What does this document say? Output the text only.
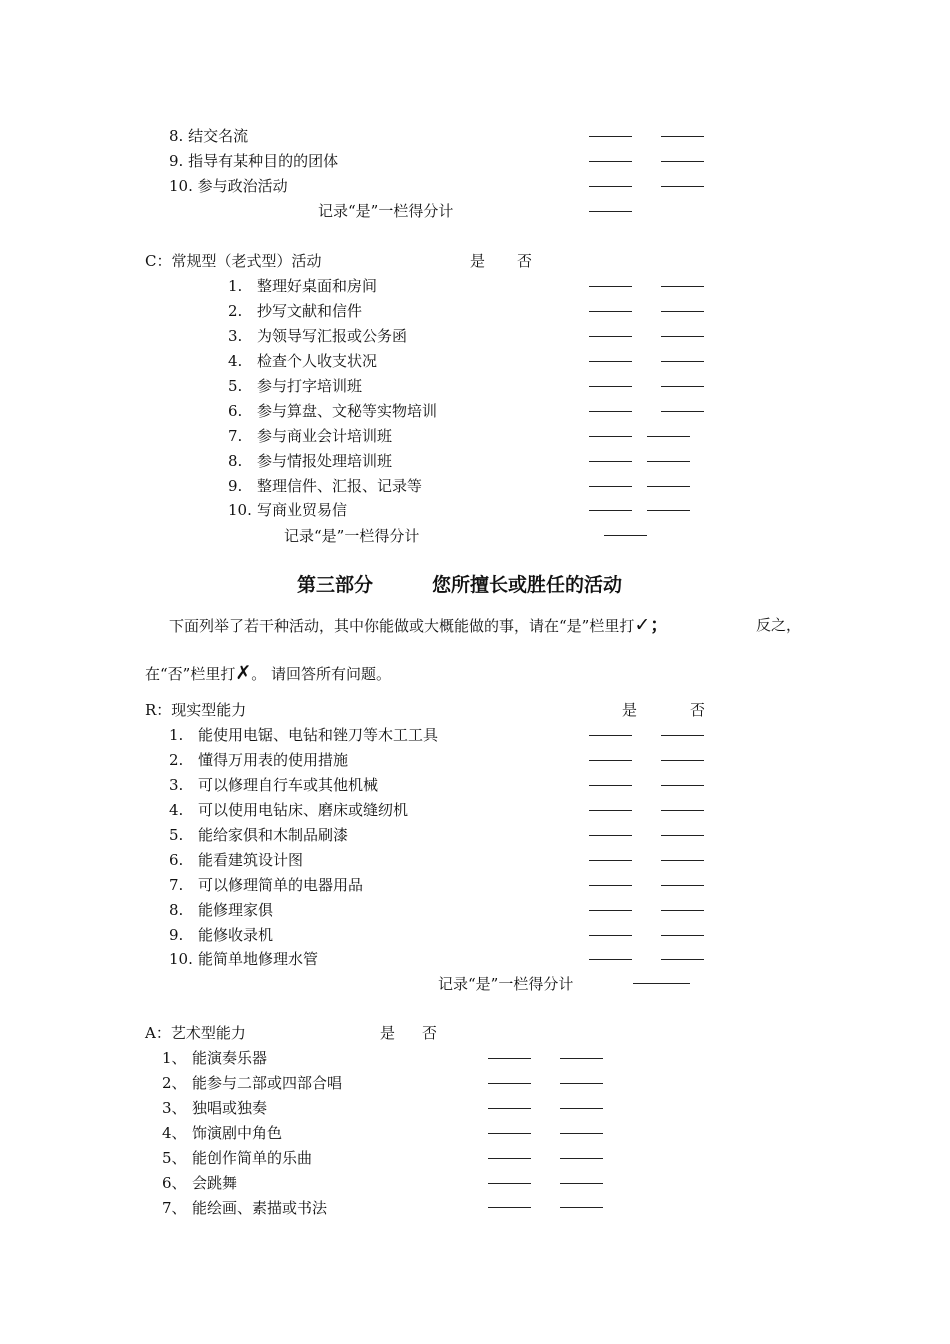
8. 结交名流
9. 指导有某种目的的团体
10. 参与政治活动
记录“是”一栏得分计
C：常规型（老式型）活动	是 否
1. 整理好桌面和房间
2. 抄写文献和信件
3. 为领导写汇报或公务函
4. 检查个人收支状况
5. 参与打字培训班
6. 参与算盘、文秘等实物培训
7. 参与商业会计培训班
8. 参与情报处理培训班
9. 整理信件、汇报、记录等
10. 写商业贸易信
记录“是”一栏得分计
第三部分	您所擅长或胜任的活动
下面列举了若干种活动，其中你能做或大概能做的事，请在“是”栏里打✓；	反之，
在“否”栏里打✗。 请回答所有问题。
R：现实型能力	是	否
1. 能使用电锯、电钻和锉刀等木工工具
2. 懂得万用表的使用措施
3. 可以修理自行车或其他机械
4. 可以使用电钻床、磨床或缝纫机
5. 能给家俱和木制品刷漆
6. 能看建筑设计图
7. 可以修理简单的电器用品
8. 能修理家俱
9. 能修收录机
10. 能简单地修理水管
记录“是”一栏得分计
A：艺术型能力	是 否
1、 能演奏乐器
2、 能参与二部或四部合唱
3、 独唱或独奏
4、 饰演剧中角色
5、 能创作简单的乐曲
6、 会跳舞
7、 能绘画、素描或书法
